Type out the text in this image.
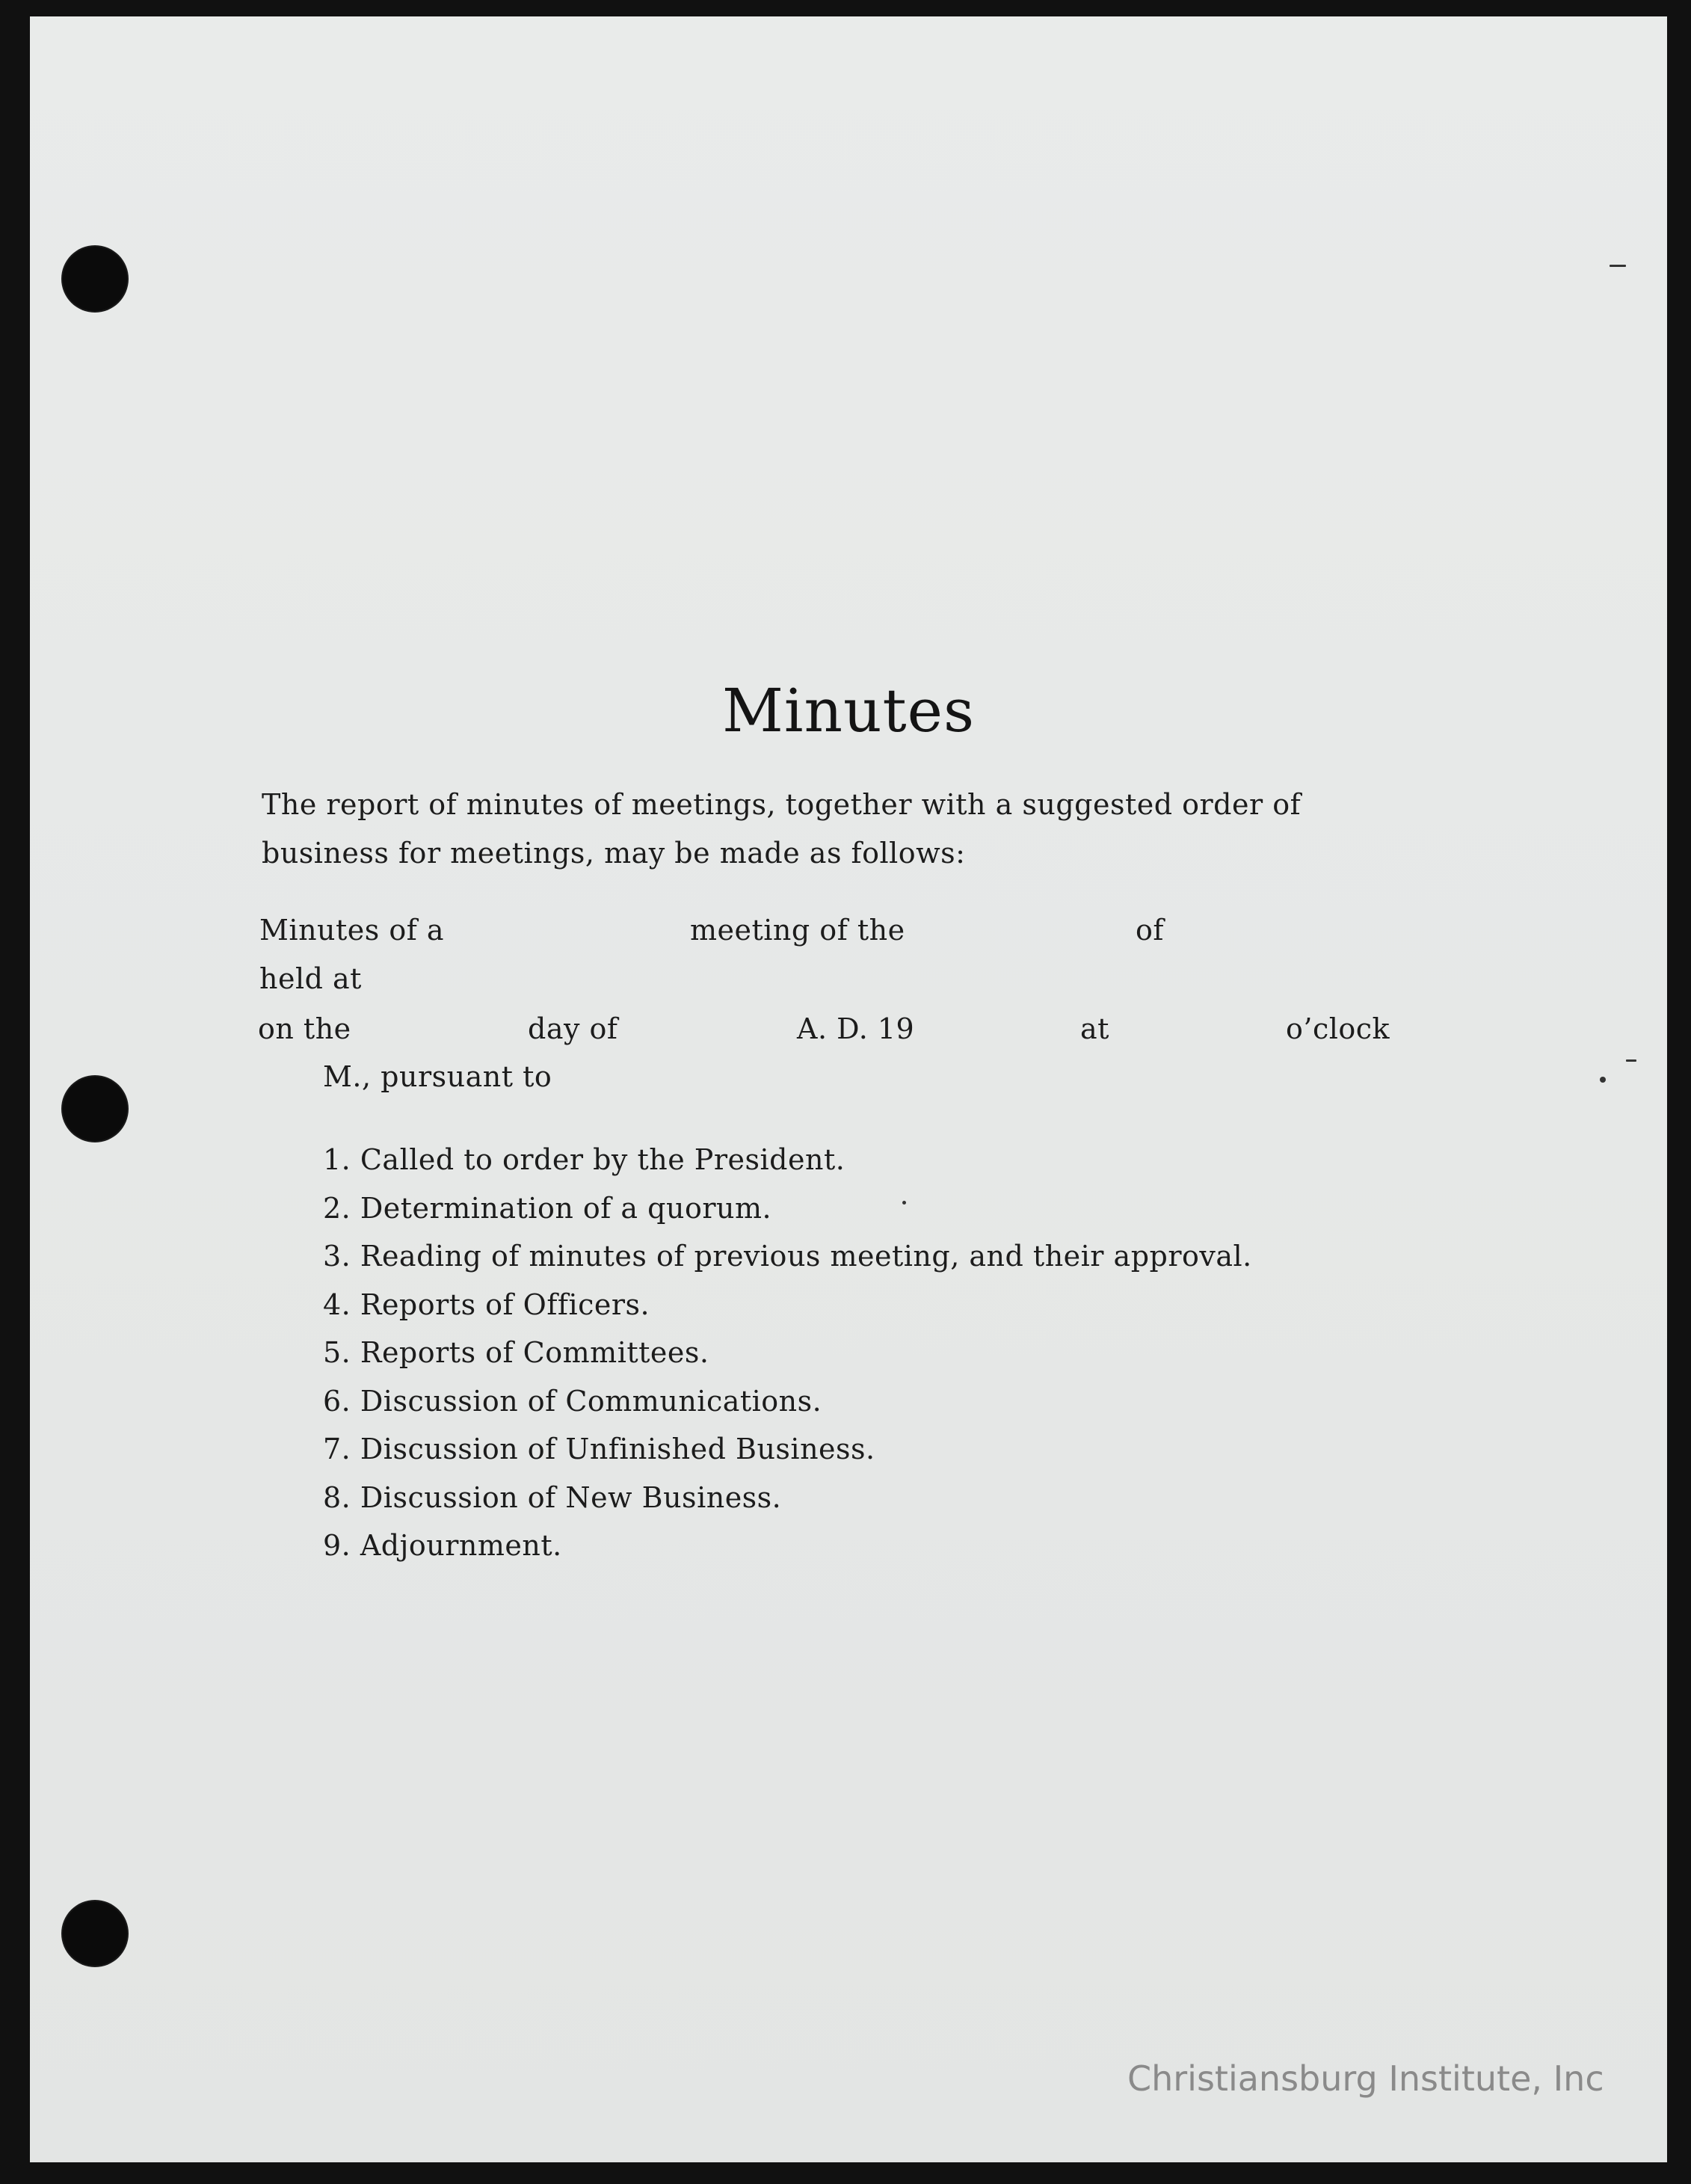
Minutes
The report of minutes of meetings, together with a suggested order of business for meetings, may be made as follows:
Minutes of a	meeting of the	of
held at
on the	day of	A. D. 19	at	o’clock
M., pursuant to
1. Called to order by the President.
2. Determination of a quorum.
3. Reading of minutes of previous meeting, and their approval.
4. Reports of Officers.
5. Reports of Committees.
6. Discussion of Communications.
7. Discussion of Unfinished Business.
8. Discussion of New Business.
9. Adjournment.
Christiansburg Institute, Inc
